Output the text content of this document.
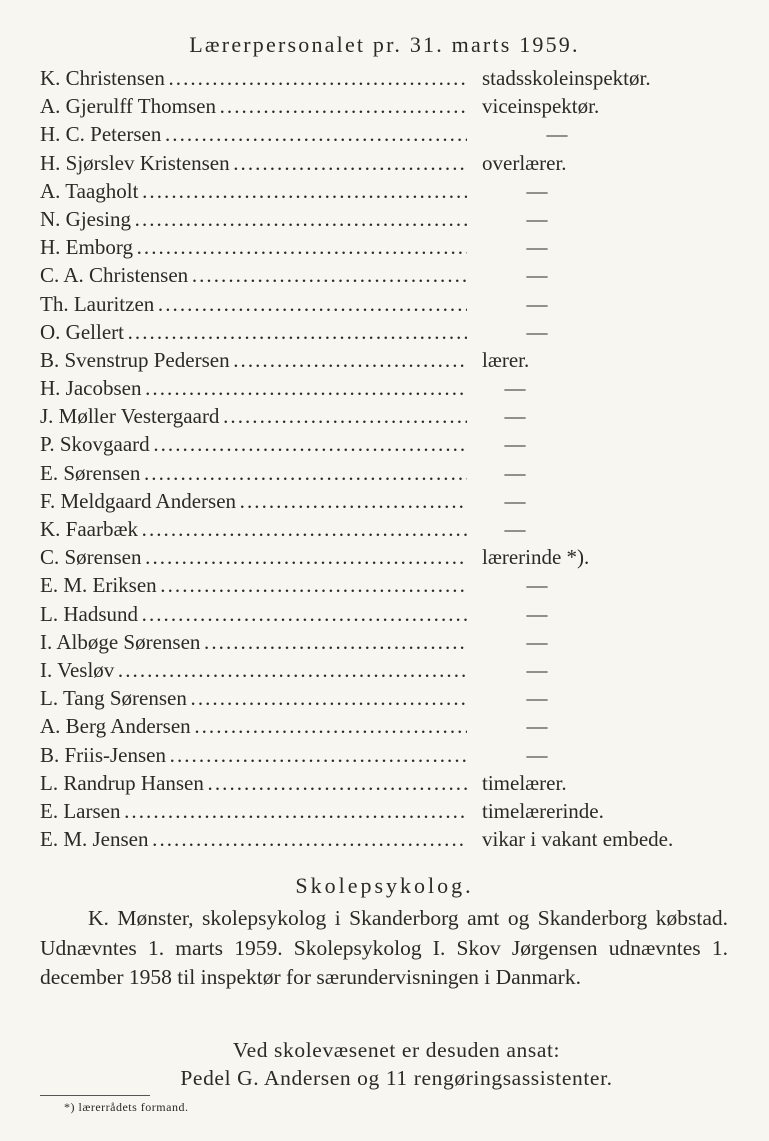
Lærerpersonalet pr. 31. marts 1959.
K. Christensen . . .	stadsskoleinspektør.
A. Gjerulff Thomsen . . .	viceinspektør.
H. C. Petersen . . .	—
H. Sjørslev Kristensen . . .	overlærer.
A. Taagholt . . .	—
N. Gjesing . . .	—
H. Emborg . . .	—
C. A. Christensen . . .	—
Th. Lauritzen . . .	—
O. Gellert . . .	—
B. Svenstrup Pedersen . . .	lærer.
H. Jacobsen . . .	—
J. Møller Vestergaard . . .	—
P. Skovgaard . . .	—
E. Sørensen . . .	—
F. Meldgaard Andersen . . .	—
K. Faarbæk . . .	—
C. Sørensen . . .	lærerinde *).
E. M. Eriksen . . .	—
L. Hadsund . . .	—
I. Albøge Sørensen . . .	—
I. Vesløv . . .	—
L. Tang Sørensen . . .	—
A. Berg Andersen . . .	—
B. Friis-Jensen . . .	—
L. Randrup Hansen . . .	timelærer.
E. Larsen . . .	timelærerinde.
E. M. Jensen . . .	vikar i vakant embede.
Skolepsykolog.
K. Mønster, skolepsykolog i Skanderborg amt og Skanderborg købstad. Udnævntes 1. marts 1959. Skolepsykolog I. Skov Jørgensen udnævntes 1. december 1958 til inspektør for særundervisningen i Danmark.
Ved skolevæsenet er desuden ansat:
Pedel G. Andersen og 11 rengøringsassistenter.
*) lærerrådets formand.
